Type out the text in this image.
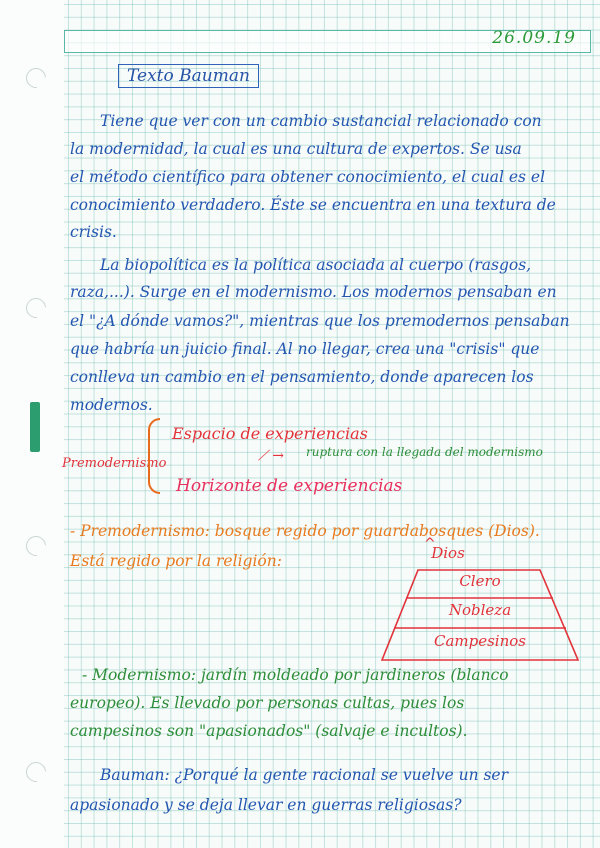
26.09.19
Texto Bauman
Tiene que ver con un cambio sustancial relacionado con
la modernidad, la cual es una cultura de expertos. Se usa
el método científico para obtener conocimiento, el cual es el
conocimiento verdadero. Éste se encuentra en una textura de
crisis.
La biopolítica es la política asociada al cuerpo (rasgos,
raza,...). Surge en el modernismo. Los modernos pensaban en
el "¿A dónde vamos?", mientras que los premodernos pensaban
que habría un juicio final. Al no llegar, crea una "crisis" que
conlleva un cambio en el pensamiento, donde aparecen los
modernos.
Premodernismo
Espacio de experiencias
⟋ → ruptura con la llegada del modernismo
Horizonte de experiencias
- Premodernismo: bosque regido por guardabosques (Dios).
Está regido por la religión:
^
Dios
Clero
Nobleza
Campesinos
- Modernismo: jardín moldeado por jardineros (blanco
europeo). Es llevado por personas cultas, pues los
campesinos son "apasionados" (salvaje e incultos).
Bauman: ¿Porqué la gente racional se vuelve un ser
apasionado y se deja llevar en guerras religiosas?
